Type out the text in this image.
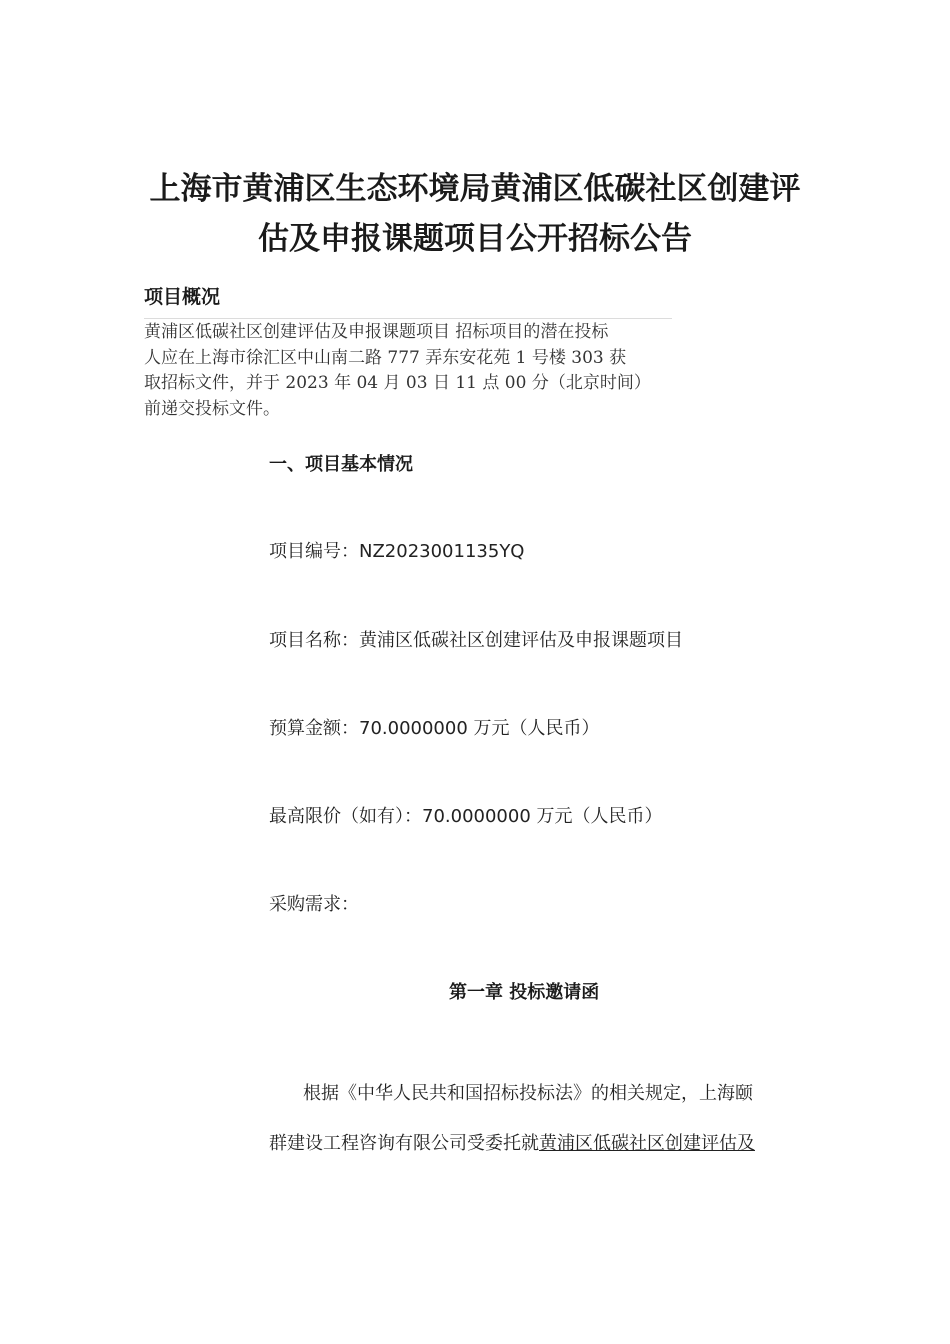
上海市黄浦区生态环境局黄浦区低碳社区创建评
估及申报课题项目公开招标公告
项目概况

黄浦区低碳社区创建评估及申报课题项目 招标项目的潜在投标
人应在上海市徐汇区中山南二路 777 弄东安花苑 1 号楼 303 获
取招标文件，并于 2023 年 04 月 03 日 11 点 00 分（北京时间）
前递交投标文件。

一、项目基本情况

项目编号：NZ2023001135YQ

项目名称：黄浦区低碳社区创建评估及申报课题项目

预算金额：70.0000000 万元（人民币）

最高限价（如有）：70.0000000 万元（人民币）

采购需求：

第一章 投标邀请函

根据《中华人民共和国招标投标法》的相关规定，上海颐
群建设工程咨询有限公司受委托就黄浦区低碳社区创建评估及
